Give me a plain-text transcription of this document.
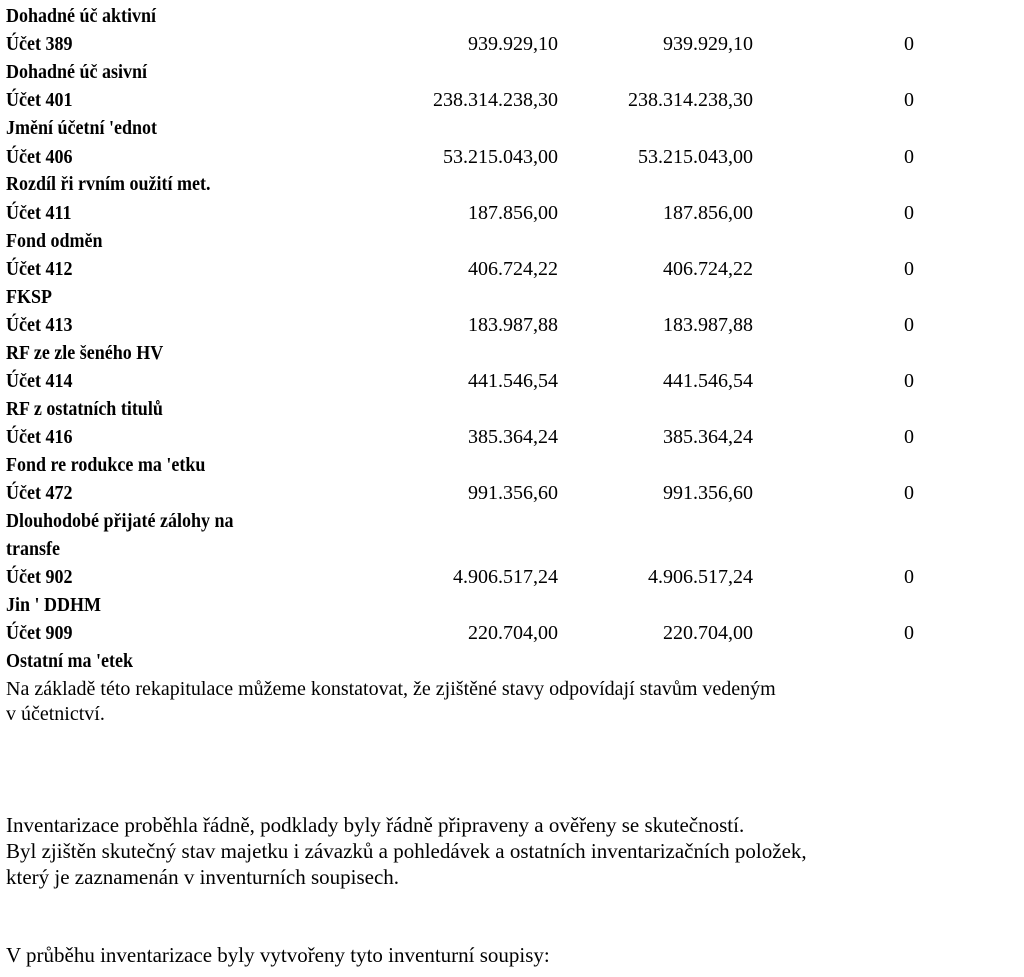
Dohadné úč aktivní
Účet 389	939.929,10	939.929,10	0
Dohadné úč asivní
Účet 401	238.314.238,30	238.314.238,30	0
Jmění účetní 'ednot
Účet 406	53.215.043,00	53.215.043,00	0
Rozdíl ři rvním oužití met.
Účet 411	187.856,00	187.856,00	0
Fond odměn
Účet 412	406.724,22	406.724,22	0
FKSP
Účet 413	183.987,88	183.987,88	0
RF ze zle šeného HV
Účet 414	441.546,54	441.546,54	0
RF z ostatních titulů
Účet 416	385.364,24	385.364,24	0
Fond re rodukce ma 'etku
Účet 472	991.356,60	991.356,60	0
Dlouhodobé přijaté zálohy na
transfe
Účet 902	4.906.517,24	4.906.517,24	0
Jin ' DDHM
Účet 909	220.704,00	220.704,00	0
Ostatní ma 'etek
Na základě této rekapitulace můžeme konstatovat, že zjištěné stavy odpovídají stavům vedeným
v účetnictví.
Inventarizace proběhla řádně, podklady byly řádně připraveny a ověřeny se skutečností.
Byl zjištěn skutečný stav majetku i závazků a pohledávek a ostatních inventarizačních položek,
který je zaznamenán v inventurních soupisech.
V průběhu inventarizace byly vytvořeny tyto inventurní soupisy:
